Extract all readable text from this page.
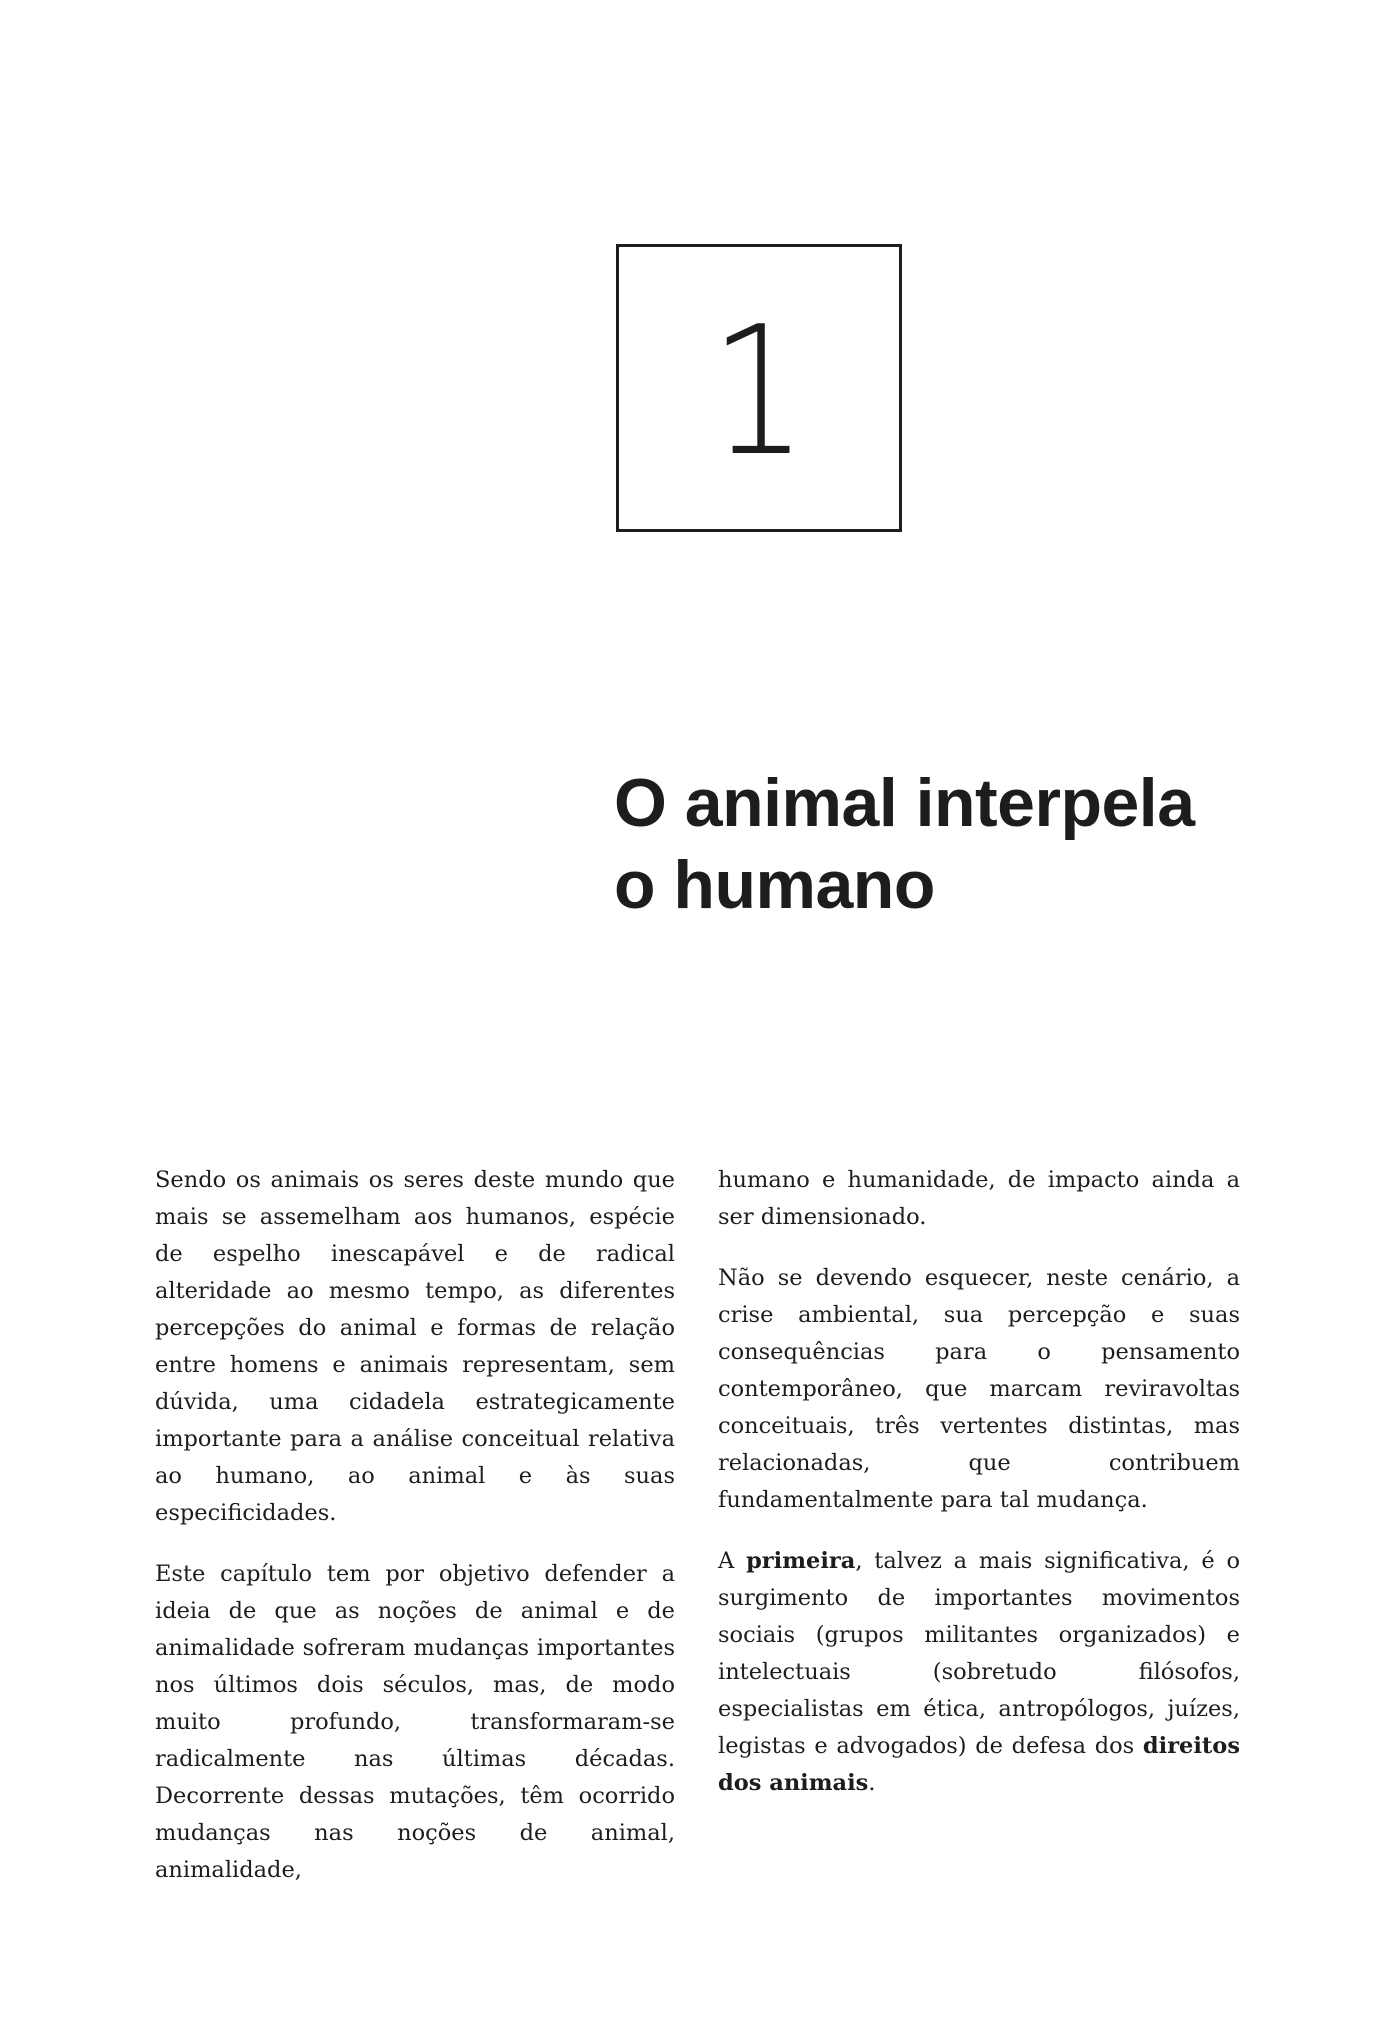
1
O animal interpela
o humano

Sendo os animais os seres deste mundo que mais se assemelham aos humanos, espécie de espelho inescapável e de radical alteridade ao mesmo tempo, as diferentes percepções do animal e formas de relação entre homens e animais representam, sem dúvida, uma cidadela estrategicamente importante para a análise conceitual relativa ao humano, ao animal e às suas especificidades.

Este capítulo tem por objetivo defender a ideia de que as noções de animal e de animalidade sofreram mudanças importantes nos últimos dois séculos, mas, de modo muito profundo, transformaram-se radicalmente nas últimas décadas. Decorrente dessas mutações, têm ocorrido mudanças nas noções de animal, animalidade,

humano e humanidade, de impacto ainda a ser dimensionado.

Não se devendo esquecer, neste cenário, a crise ambiental, sua percepção e suas consequências para o pensamento contemporâneo, que marcam reviravoltas conceituais, três vertentes distintas, mas relacionadas, que contribuem fundamentalmente para tal mudança.

A primeira, talvez a mais significativa, é o surgimento de importantes movimentos sociais (grupos militantes organizados) e intelectuais (sobretudo filósofos, especialistas em ética, antropólogos, juízes, legistas e advogados) de defesa dos direitos dos animais.
